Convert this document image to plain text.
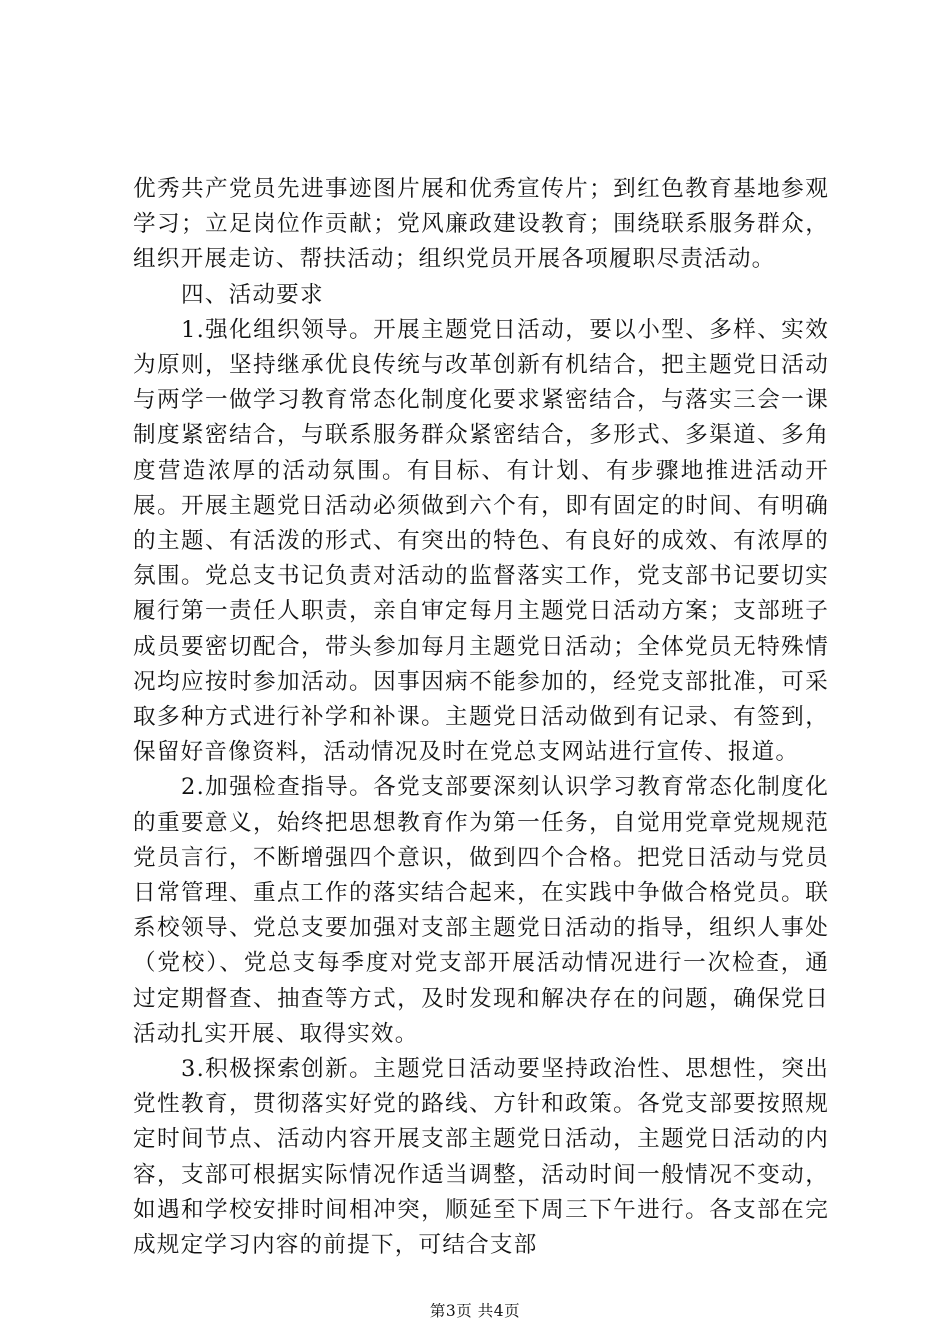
优秀共产党员先进事迹图片展和优秀宣传片；到红色教育基地参观学习；立足岗位作贡献；党风廉政建设教育；围绕联系服务群众，组织开展走访、帮扶活动；组织党员开展各项履职尽责活动。

四、活动要求

1.强化组织领导。开展主题党日活动，要以小型、多样、实效为原则，坚持继承优良传统与改革创新有机结合，把主题党日活动与两学一做学习教育常态化制度化要求紧密结合，与落实三会一课制度紧密结合，与联系服务群众紧密结合，多形式、多渠道、多角度营造浓厚的活动氛围。有目标、有计划、有步骤地推进活动开展。开展主题党日活动必须做到六个有，即有固定的时间、有明确的主题、有活泼的形式、有突出的特色、有良好的成效、有浓厚的氛围。党总支书记负责对活动的监督落实工作，党支部书记要切实履行第一责任人职责，亲自审定每月主题党日活动方案；支部班子成员要密切配合，带头参加每月主题党日活动；全体党员无特殊情况均应按时参加活动。因事因病不能参加的，经党支部批准，可采取多种方式进行补学和补课。主题党日活动做到有记录、有签到，保留好音像资料，活动情况及时在党总支网站进行宣传、报道。

2.加强检查指导。各党支部要深刻认识学习教育常态化制度化的重要意义，始终把思想教育作为第一任务，自觉用党章党规规范党员言行，不断增强四个意识，做到四个合格。把党日活动与党员日常管理、重点工作的落实结合起来，在实践中争做合格党员。联系校领导、党总支要加强对支部主题党日活动的指导，组织人事处（党校）、党总支每季度对党支部开展活动情况进行一次检查，通过定期督查、抽查等方式，及时发现和解决存在的问题，确保党日活动扎实开展、取得实效。

3.积极探索创新。主题党日活动要坚持政治性、思想性，突出党性教育，贯彻落实好党的路线、方针和政策。各党支部要按照规定时间节点、活动内容开展支部主题党日活动，主题党日活动的内容，支部可根据实际情况作适当调整，活动时间一般情况不变动，如遇和学校安排时间相冲突，顺延至下周三下午进行。各支部在完成规定学习内容的前提下，可结合支部

第3页 共4页
